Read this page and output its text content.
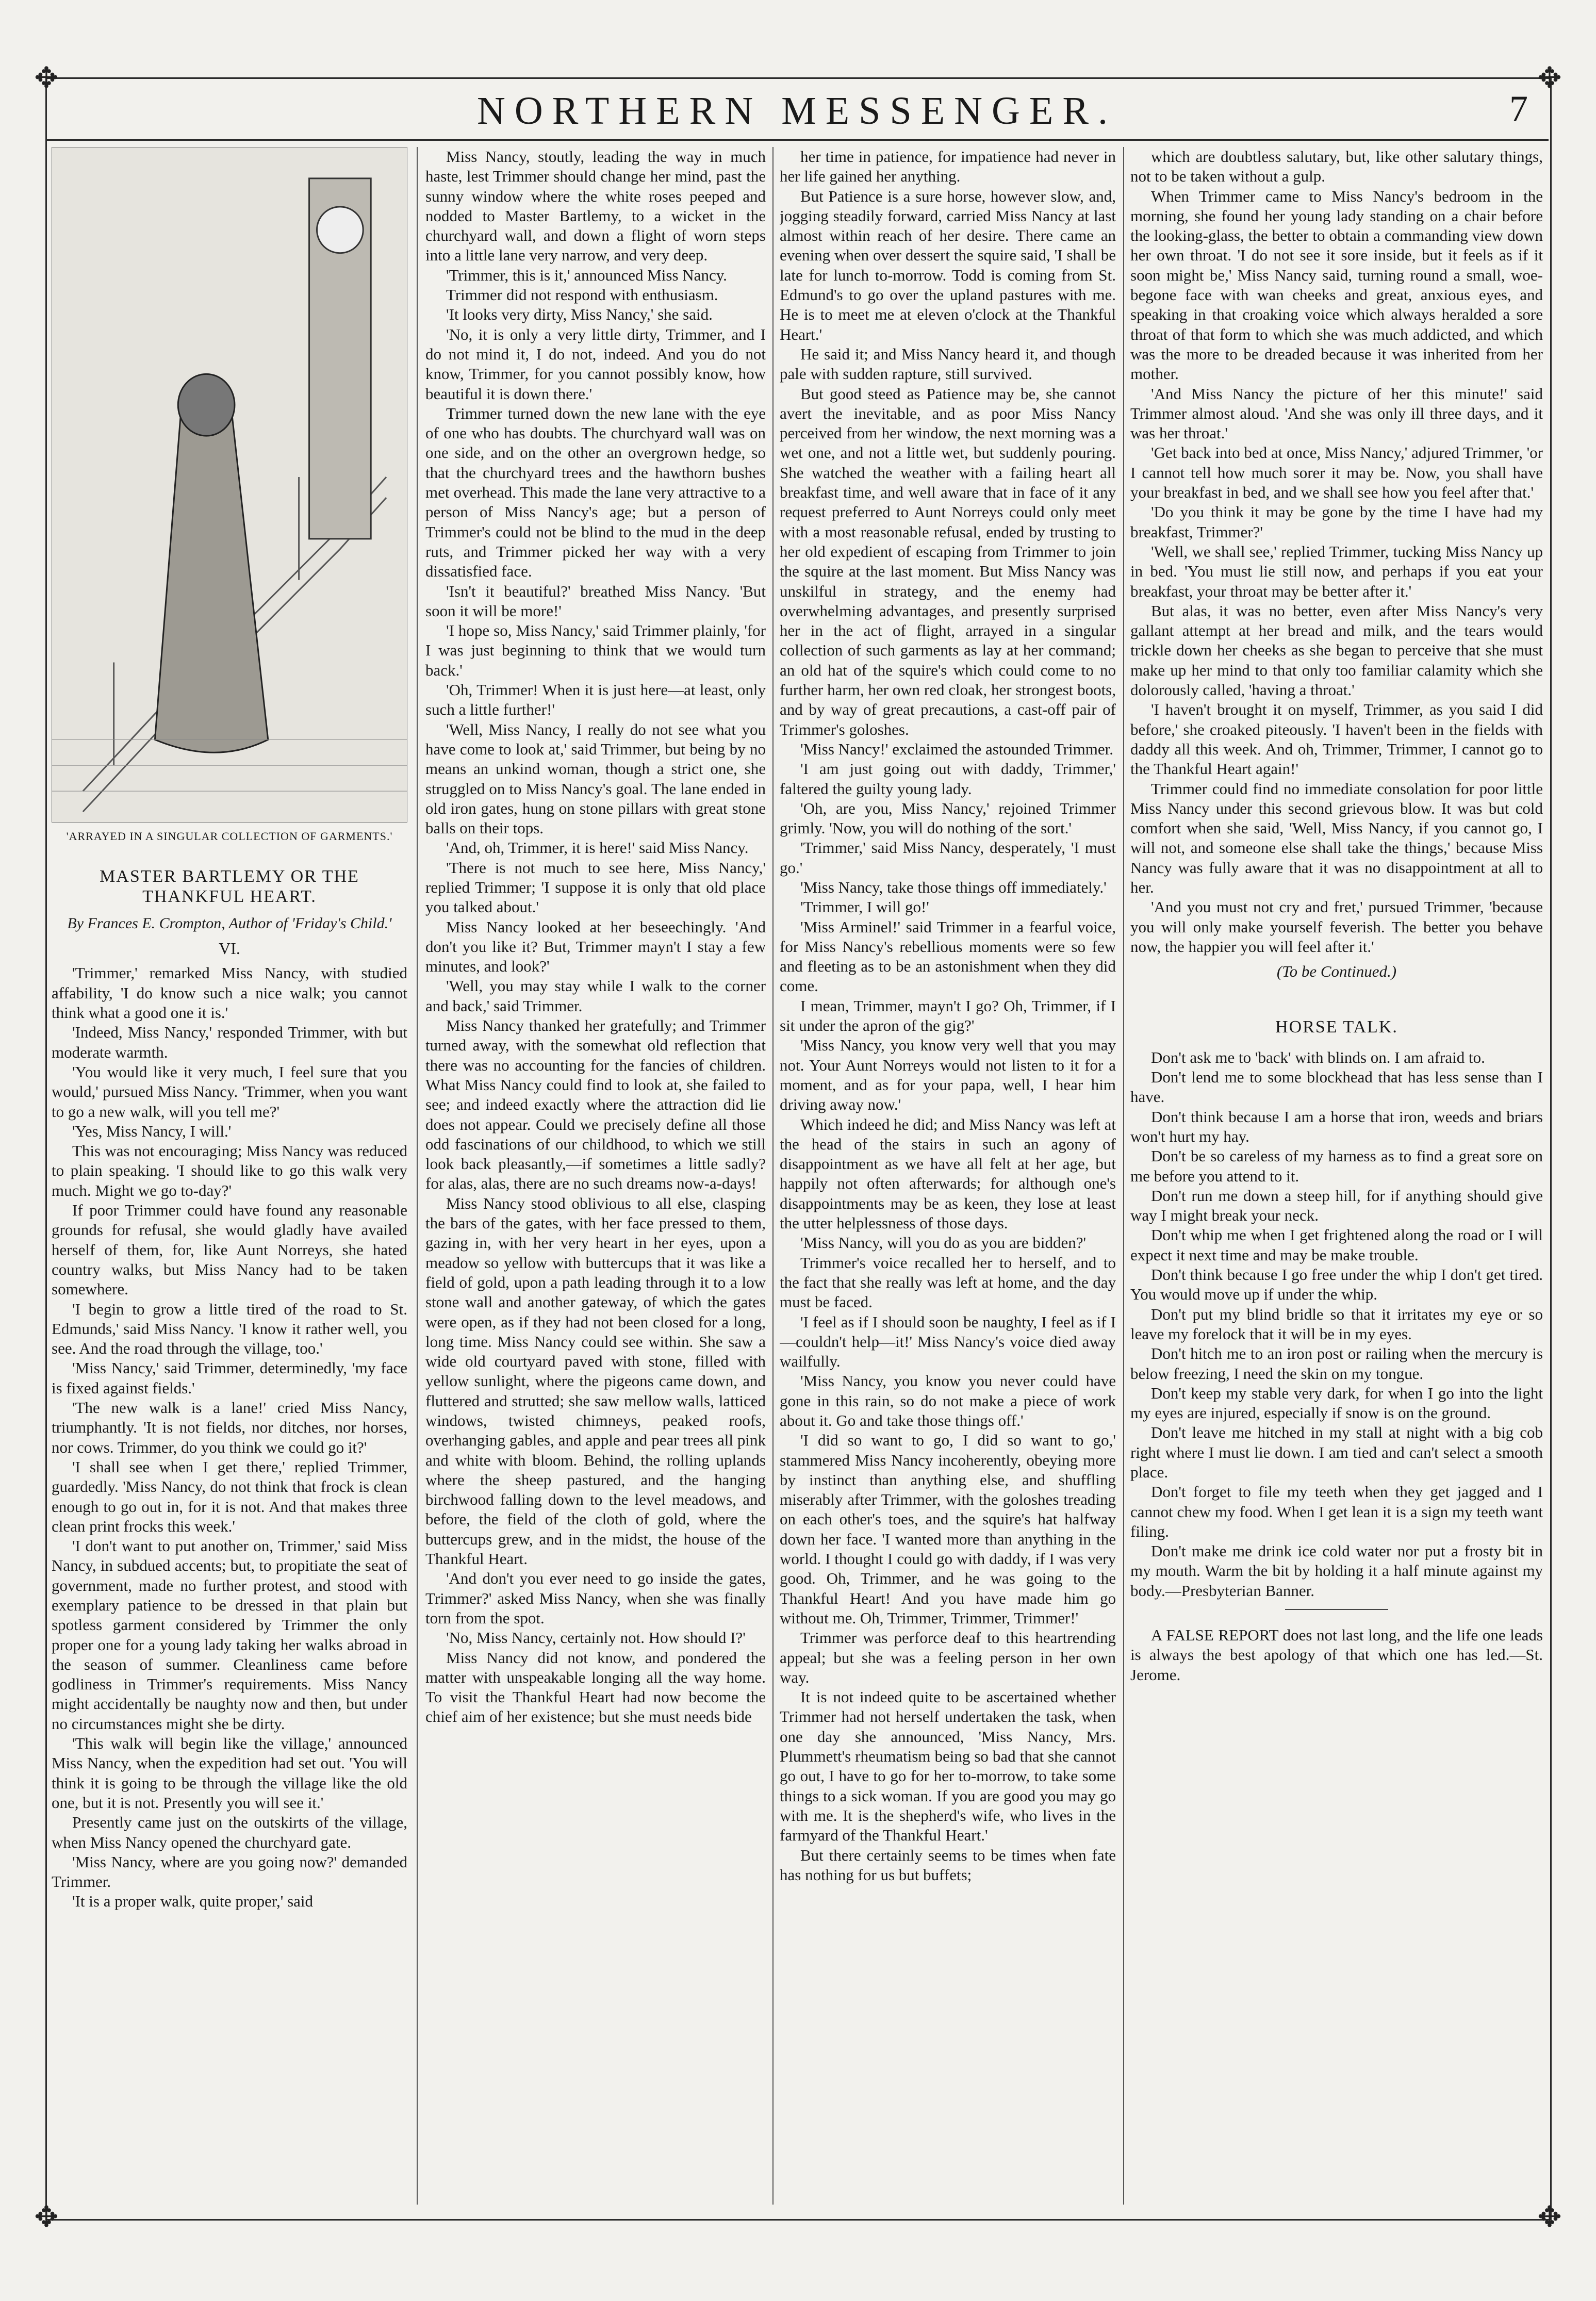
✥	✥
✥	✥
NORTHERN MESSENGER.	7
'ARRAYED IN A SINGULAR COLLECTION OF GARMENTS.'
MASTER BARTLEMY OR THE THANKFUL HEART.
By Frances E. Crompton, Author of 'Friday's Child.'
VI.

'Trimmer,' remarked Miss Nancy, with studied affability, 'I do know such a nice walk; you cannot think what a good one it is.'

'Indeed, Miss Nancy,' responded Trimmer, with but moderate warmth.

'You would like it very much, I feel sure that you would,' pursued Miss Nancy. 'Trimmer, when you want to go a new walk, will you tell me?'

'Yes, Miss Nancy, I will.'

This was not encouraging; Miss Nancy was reduced to plain speaking. 'I should like to go this walk very much. Might we go to-day?'

If poor Trimmer could have found any reasonable grounds for refusal, she would gladly have availed herself of them, for, like Aunt Norreys, she hated country walks, but Miss Nancy had to be taken somewhere.

'I begin to grow a little tired of the road to St. Edmunds,' said Miss Nancy. 'I know it rather well, you see. And the road through the village, too.'

'Miss Nancy,' said Trimmer, determinedly, 'my face is fixed against fields.'

'The new walk is a lane!' cried Miss Nancy, triumphantly. 'It is not fields, nor ditches, nor horses, nor cows. Trimmer, do you think we could go it?'

'I shall see when I get there,' replied Trimmer, guardedly. 'Miss Nancy, do not think that frock is clean enough to go out in, for it is not. And that makes three clean print frocks this week.'

'I don't want to put another on, Trimmer,' said Miss Nancy, in subdued accents; but, to propitiate the seat of government, made no further protest, and stood with exemplary patience to be dressed in that plain but spotless garment considered by Trimmer the only proper one for a young lady taking her walks abroad in the season of summer. Cleanliness came before godliness in Trimmer's requirements. Miss Nancy might accidentally be naughty now and then, but under no circumstances might she be dirty.

'This walk will begin like the village,' announced Miss Nancy, when the expedition had set out. 'You will think it is going to be through the village like the old one, but it is not. Presently you will see it.'

Presently came just on the outskirts of the village, when Miss Nancy opened the churchyard gate.

'Miss Nancy, where are you going now?' demanded Trimmer.

'It is a proper walk, quite proper,' said

Miss Nancy, stoutly, leading the way in much haste, lest Trimmer should change her mind, past the sunny window where the white roses peeped and nodded to Master Bartlemy, to a wicket in the churchyard wall, and down a flight of worn steps into a little lane very narrow, and very deep.

'Trimmer, this is it,' announced Miss Nancy.

Trimmer did not respond with enthusiasm.

'It looks very dirty, Miss Nancy,' she said.

'No, it is only a very little dirty, Trimmer, and I do not mind it, I do not, indeed. And you do not know, Trimmer, for you cannot possibly know, how beautiful it is down there.'

Trimmer turned down the new lane with the eye of one who has doubts. The churchyard wall was on one side, and on the other an overgrown hedge, so that the churchyard trees and the hawthorn bushes met overhead. This made the lane very attractive to a person of Miss Nancy's age; but a person of Trimmer's could not be blind to the mud in the deep ruts, and Trimmer picked her way with a very dissatisfied face.

'Isn't it beautiful?' breathed Miss Nancy. 'But soon it will be more!'

'I hope so, Miss Nancy,' said Trimmer plainly, 'for I was just beginning to think that we would turn back.'

'Oh, Trimmer! When it is just here—at least, only such a little further!'

'Well, Miss Nancy, I really do not see what you have come to look at,' said Trimmer, but being by no means an unkind woman, though a strict one, she struggled on to Miss Nancy's goal. The lane ended in old iron gates, hung on stone pillars with great stone balls on their tops.

'And, oh, Trimmer, it is here!' said Miss Nancy.

'There is not much to see here, Miss Nancy,' replied Trimmer; 'I suppose it is only that old place you talked about.'

Miss Nancy looked at her beseechingly. 'And don't you like it? But, Trimmer mayn't I stay a few minutes, and look?'

'Well, you may stay while I walk to the corner and back,' said Trimmer.

Miss Nancy thanked her gratefully; and Trimmer turned away, with the somewhat old reflection that there was no accounting for the fancies of children. What Miss Nancy could find to look at, she failed to see; and indeed exactly where the attraction did lie does not appear. Could we precisely define all those odd fascinations of our childhood, to which we still look back pleasantly,—if sometimes a little sadly? for alas, alas, there are no such dreams now-a-days!

Miss Nancy stood oblivious to all else, clasping the bars of the gates, with her face pressed to them, gazing in, with her very heart in her eyes, upon a meadow so yellow with buttercups that it was like a field of gold, upon a path leading through it to a low stone wall and another gateway, of which the gates were open, as if they had not been closed for a long, long time. Miss Nancy could see within. She saw a wide old courtyard paved with stone, filled with yellow sunlight, where the pigeons came down, and fluttered and strutted; she saw mellow walls, latticed windows, twisted chimneys, peaked roofs, overhanging gables, and apple and pear trees all pink and white with bloom. Behind, the rolling uplands where the sheep pastured, and the hanging birchwood falling down to the level meadows, and before, the field of the cloth of gold, where the buttercups grew, and in the midst, the house of the Thankful Heart.

'And don't you ever need to go inside the gates, Trimmer?' asked Miss Nancy, when she was finally torn from the spot.

'No, Miss Nancy, certainly not. How should I?'

Miss Nancy did not know, and pondered the matter with unspeakable longing all the way home. To visit the Thankful Heart had now become the chief aim of her existence; but she must needs bide

her time in patience, for impatience had never in her life gained her anything.

But Patience is a sure horse, however slow, and, jogging steadily forward, carried Miss Nancy at last almost within reach of her desire. There came an evening when over dessert the squire said, 'I shall be late for lunch to-morrow. Todd is coming from St. Edmund's to go over the upland pastures with me. He is to meet me at eleven o'clock at the Thankful Heart.'

He said it; and Miss Nancy heard it, and though pale with sudden rapture, still survived.

But good steed as Patience may be, she cannot avert the inevitable, and as poor Miss Nancy perceived from her window, the next morning was a wet one, and not a little wet, but suddenly pouring. She watched the weather with a failing heart all breakfast time, and well aware that in face of it any request preferred to Aunt Norreys could only meet with a most reasonable refusal, ended by trusting to her old expedient of escaping from Trimmer to join the squire at the last moment. But Miss Nancy was unskilful in strategy, and the enemy had overwhelming advantages, and presently surprised her in the act of flight, arrayed in a singular collection of such garments as lay at her command; an old hat of the squire's which could come to no further harm, her own red cloak, her strongest boots, and by way of great precautions, a cast-off pair of Trimmer's goloshes.

'Miss Nancy!' exclaimed the astounded Trimmer.

'I am just going out with daddy, Trimmer,' faltered the guilty young lady.

'Oh, are you, Miss Nancy,' rejoined Trimmer grimly. 'Now, you will do nothing of the sort.'

'Trimmer,' said Miss Nancy, desperately, 'I must go.'

'Miss Nancy, take those things off immediately.'

'Trimmer, I will go!'

'Miss Arminel!' said Trimmer in a fearful voice, for Miss Nancy's rebellious moments were so few and fleeting as to be an astonishment when they did come.

I mean, Trimmer, mayn't I go? Oh, Trimmer, if I sit under the apron of the gig?'

'Miss Nancy, you know very well that you may not. Your Aunt Norreys would not listen to it for a moment, and as for your papa, well, I hear him driving away now.'

Which indeed he did; and Miss Nancy was left at the head of the stairs in such an agony of disappointment as we have all felt at her age, but happily not often afterwards; for although one's disappointments may be as keen, they lose at least the utter helplessness of those days.

'Miss Nancy, will you do as you are bidden?'

Trimmer's voice recalled her to herself, and to the fact that she really was left at home, and the day must be faced.

'I feel as if I should soon be naughty, I feel as if I—couldn't help—it!' Miss Nancy's voice died away wailfully.

'Miss Nancy, you know you never could have gone in this rain, so do not make a piece of work about it. Go and take those things off.'

'I did so want to go, I did so want to go,' stammered Miss Nancy incoherently, obeying more by instinct than anything else, and shuffling miserably after Trimmer, with the goloshes treading on each other's toes, and the squire's hat halfway down her face. 'I wanted more than anything in the world. I thought I could go with daddy, if I was very good. Oh, Trimmer, and he was going to the Thankful Heart! And you have made him go without me. Oh, Trimmer, Trimmer, Trimmer!'

Trimmer was perforce deaf to this heartrending appeal; but she was a feeling person in her own way.

It is not indeed quite to be ascertained whether Trimmer had not herself undertaken the task, when one day she announced, 'Miss Nancy, Mrs. Plummett's rheumatism being so bad that she cannot go out, I have to go for her to-morrow, to take some things to a sick woman. If you are good you may go with me. It is the shepherd's wife, who lives in the farmyard of the Thankful Heart.'

But there certainly seems to be times when fate has nothing for us but buffets;

which are doubtless salutary, but, like other salutary things, not to be taken without a gulp.

When Trimmer came to Miss Nancy's bedroom in the morning, she found her young lady standing on a chair before the looking-glass, the better to obtain a commanding view down her own throat. 'I do not see it sore inside, but it feels as if it soon might be,' Miss Nancy said, turning round a small, woe-begone face with wan cheeks and great, anxious eyes, and speaking in that croaking voice which always heralded a sore throat of that form to which she was much addicted, and which was the more to be dreaded because it was inherited from her mother.

'And Miss Nancy the picture of her this minute!' said Trimmer almost aloud. 'And she was only ill three days, and it was her throat.'

'Get back into bed at once, Miss Nancy,' adjured Trimmer, 'or I cannot tell how much sorer it may be. Now, you shall have your breakfast in bed, and we shall see how you feel after that.'

'Do you think it may be gone by the time I have had my breakfast, Trimmer?'

'Well, we shall see,' replied Trimmer, tucking Miss Nancy up in bed. 'You must lie still now, and perhaps if you eat your breakfast, your throat may be better after it.'

But alas, it was no better, even after Miss Nancy's very gallant attempt at her bread and milk, and the tears would trickle down her cheeks as she began to perceive that she must make up her mind to that only too familiar calamity which she dolorously called, 'having a throat.'

'I haven't brought it on myself, Trimmer, as you said I did before,' she croaked piteously. 'I haven't been in the fields with daddy all this week. And oh, Trimmer, Trimmer, I cannot go to the Thankful Heart again!'

Trimmer could find no immediate consolation for poor little Miss Nancy under this second grievous blow. It was but cold comfort when she said, 'Well, Miss Nancy, if you cannot go, I will not, and someone else shall take the things,' because Miss Nancy was fully aware that it was no disappointment at all to her.

'And you must not cry and fret,' pursued Trimmer, 'because you will only make yourself feverish. The better you behave now, the happier you will feel after it.'

(To be Continued.)
HORSE TALK.

Don't ask me to 'back' with blinds on. I am afraid to.

Don't lend me to some blockhead that has less sense than I have.

Don't think because I am a horse that iron, weeds and briars won't hurt my hay.

Don't be so careless of my harness as to find a great sore on me before you attend to it.

Don't run me down a steep hill, for if anything should give way I might break your neck.

Don't whip me when I get frightened along the road or I will expect it next time and may be make trouble.

Don't think because I go free under the whip I don't get tired. You would move up if under the whip.

Don't put my blind bridle so that it irritates my eye or so leave my forelock that it will be in my eyes.

Don't hitch me to an iron post or railing when the mercury is below freezing, I need the skin on my tongue.

Don't keep my stable very dark, for when I go into the light my eyes are injured, especially if snow is on the ground.

Don't leave me hitched in my stall at night with a big cob right where I must lie down. I am tied and can't select a smooth place.

Don't forget to file my teeth when they get jagged and I cannot chew my food. When I get lean it is a sign my teeth want filing.

Don't make me drink ice cold water nor put a frosty bit in my mouth. Warm the bit by holding it a half minute against my body.—Presbyterian Banner.

A FALSE REPORT does not last long, and the life one leads is always the best apology of that which one has led.—St. Jerome.
